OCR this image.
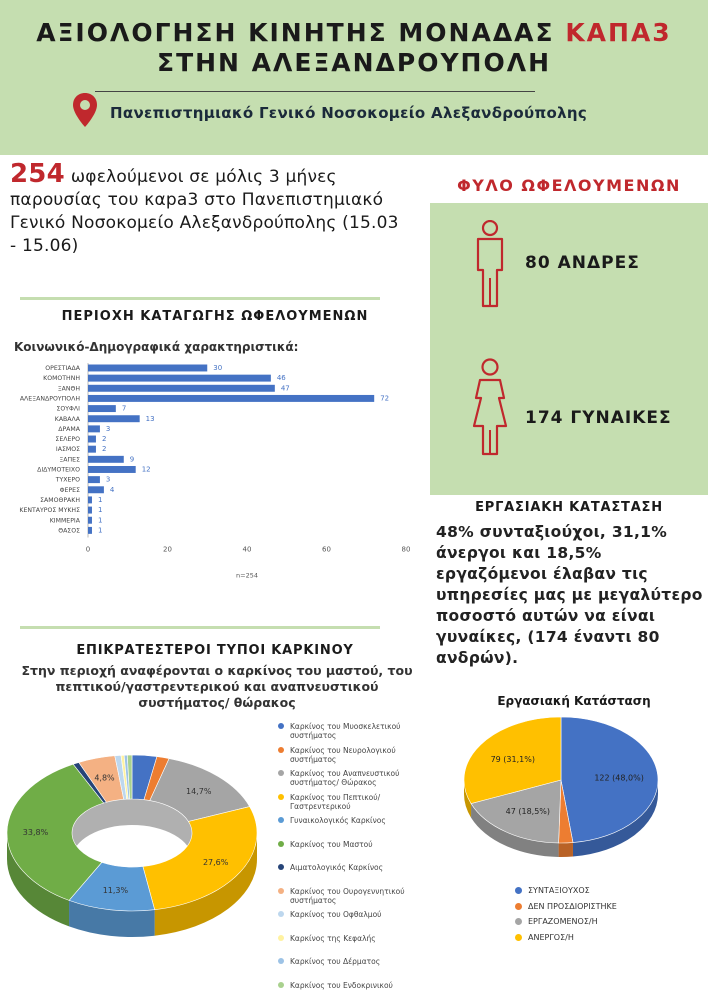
ΑΞΙΟΛΟΓΗΣΗ ΚΙΝΗΤΗΣ ΜΟΝΑΔΑΣ ΚΑΠΑ3
ΣΤΗΝ ΑΛΕΞΑΝΔΡΟΥΠΟΛΗ
Πανεπιστημιακό Γενικό Νοσοκομείο Αλεξανδρούπολης
254 ωφελούμενοι σε μόλις 3 μήνες παρουσίας του καpa3 στο Πανεπιστημιακό Γενικό Νοσοκομείο Αλεξανδρούπολης (15.03 - 15.06)
ΠΕΡΙΟΧΗ ΚΑΤΑΓΩΓΗΣ ΩΦΕΛΟΥΜΕΝΩΝ
Κοινωνικό-Δημογραφικά χαρακτηριστικά:
0	20	40	60	80
ΟΡΕΣΤΙΑΔΑ	30
ΚΟΜΟΤΗΝΗ	46
ΞΑΝΘΗ	47
ΑΛΕΞΑΝΔΡΟΥΠΟΛΗ	72
ΣΟΥΦΛΙ	7
ΚΑΒΑΛΑ	13
ΔΡΑΜΑ	3
ΣΕΛΕΡΟ	2
ΙΑΣΜΟΣ	2
ΞΑΠΕΣ	9
ΔΙΔΥΜΟΤΕΙΧΟ	12
ΤΥΧΕΡΟ	3
ΦΕΡΕΣ	4
ΣΑΜΟΘΡΑΚΗ	1
ΚΕΝΤΑΥΡΟΣ ΜΥΚΗΣ	1
ΚΙΜΜΕΡΙΑ	1
ΘΑΣΟΣ	1
n=254
ΦΥΛΟ ΩΦΕΛΟΥΜΕΝΩΝ
80 ΑΝΔΡΕΣ
174 ΓΥΝΑΙΚΕΣ
ΕΡΓΑΣΙΑΚΗ ΚΑΤΑΣΤΑΣΗ
48% συνταξιούχοι, 31,1% άνεργοι και 18,5% εργαζόμενοι έλαβαν τις υπηρεσίες μας με μεγαλύτερο ποσοστό αυτών να είναι γυναίκες, (174 έναντι 80 ανδρών).
ΕΠΙΚΡΑΤΕΣΤΕΡΟΙ ΤΥΠΟΙ ΚΑΡΚΙΝΟΥ
Στην περιοχή αναφέρονται ο καρκίνος του μαστού, του πεπτικού/γαστρεντερικού και αναπνευστικού συστήματος/ θώρακος
14,7%
27,6%
11,3%
33,8%
4,8%
Καρκίνος του Μυοσκελετικού συστήματος
Καρκίνος του Νευρολογικού συστήματος
Καρκίνος του Αναπνευστικού συστήματος/ Θώρακος
Καρκίνος του Πεπτικού/Γαστρεντερικού
Γυναικολογικός Καρκίνος
Καρκίνος του Μαστού
Αιματολογικός Καρκίνος
Καρκίνος του Ουρογεννητικού συστήματος
Καρκίνος του Οφθαλμού
Καρκίνος της Κεφαλής
Καρκίνος του Δέρματος
Καρκίνος του Ενδοκρινικού
Εργασιακή Κατάσταση
122 (48,0%)
47 (18,5%)
79 (31,1%)
ΣΥΝΤΑΞΙΟΥΧΟΣ
ΔΕΝ ΠΡΟΣΔΙΟΡΙΣΤΗΚΕ
ΕΡΓΑΖΟΜΕΝΟΣ/Η
ΑΝΕΡΓΟΣ/Η
